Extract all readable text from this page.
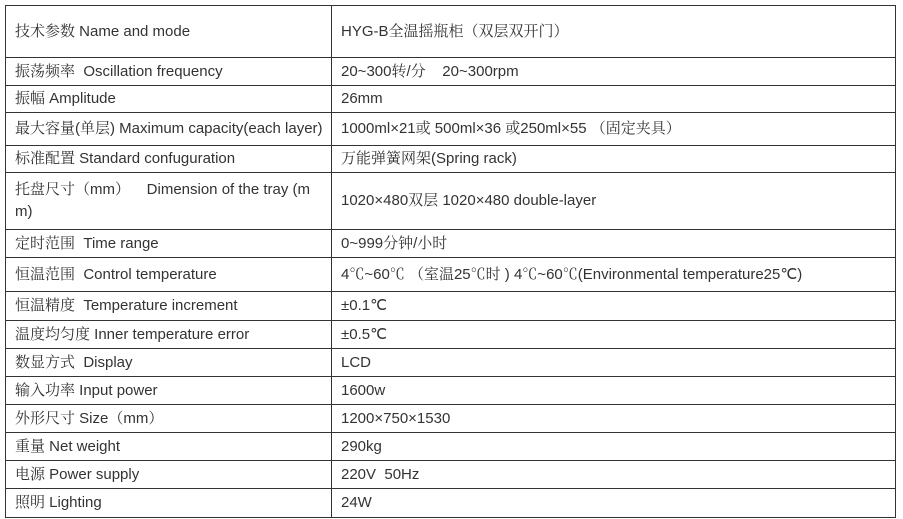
技术参数 Name and mode	HYG-B全温摇瓶柜（双层双开门）
振荡频率  Oscillation frequency	20~300转/分    20~300rpm
振幅 Amplitude	26mm
最大容量(单层) Maximum capacity(each layer)	1000ml×21或 500ml×36 或250ml×55 （固定夹具）
标准配置 Standard confuguration	万能弹簧网架(Spring rack)
托盘尺寸（mm）    Dimension of the tray (mm)	1020×480双层 1020×480 double-layer
定时范围  Time range	0~999分钟/小时
恒温范围  Control temperature	4℃~60℃ （室温25℃时 ) 4℃~60℃(Environmental temperature25℃)
恒温精度  Temperature increment	±0.1℃
温度均匀度 Inner temperature error	±0.5℃
数显方式  Display	LCD
输入功率 Input power	1600w
外形尺寸 Size（mm）	1200×750×1530
重量 Net weight	290kg
电源 Power supply	220V  50Hz
照明 Lighting	24W
